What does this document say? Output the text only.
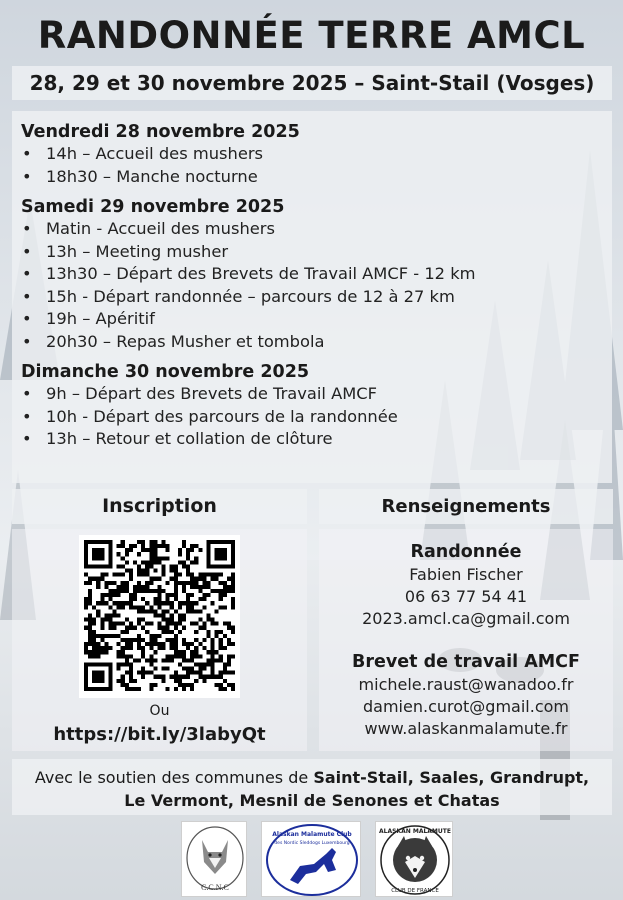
RANDONNÉE TERRE AMCL
28, 29 et 30 novembre 2025 – Saint-Stail (Vosges)
Vendredi 28 novembre 2025
• 14h – Accueil des mushers
• 18h30 – Manche nocturne
Samedi 29 novembre 2025
• Matin - Accueil des mushers
• 13h – Meeting musher
• 13h30 – Départ des Brevets de Travail AMCF - 12 km
• 15h - Départ randonnée – parcours de 12 à 27 km
• 19h – Apéritif
• 20h30 – Repas Musher et tombola
Dimanche 30 novembre 2025
• 9h – Départ des Brevets de Travail AMCF
• 10h - Départ des parcours de la randonnée
• 13h – Retour et collation de clôture
Inscription	Renseignements
Ou
https://bit.ly/3labyQt
Randonnée
Fabien Fischer
06 63 77 54 41
2023.amcl.ca@gmail.com
Brevet de travail AMCF
michele.raust@wanadoo.fr
damien.curot@gmail.com
www.alaskanmalamute.fr
Avec le soutien des communes de Saint-Stail, Saales, Grandrupt,
Le Vermont, Mesnil de Senones et Chatas
C.C.N.C
Alaskan Malamute Club
des Nordic Sleddogs Luxembourg
ALASKAN MALAMUTE
CLUB DE FRANCE
